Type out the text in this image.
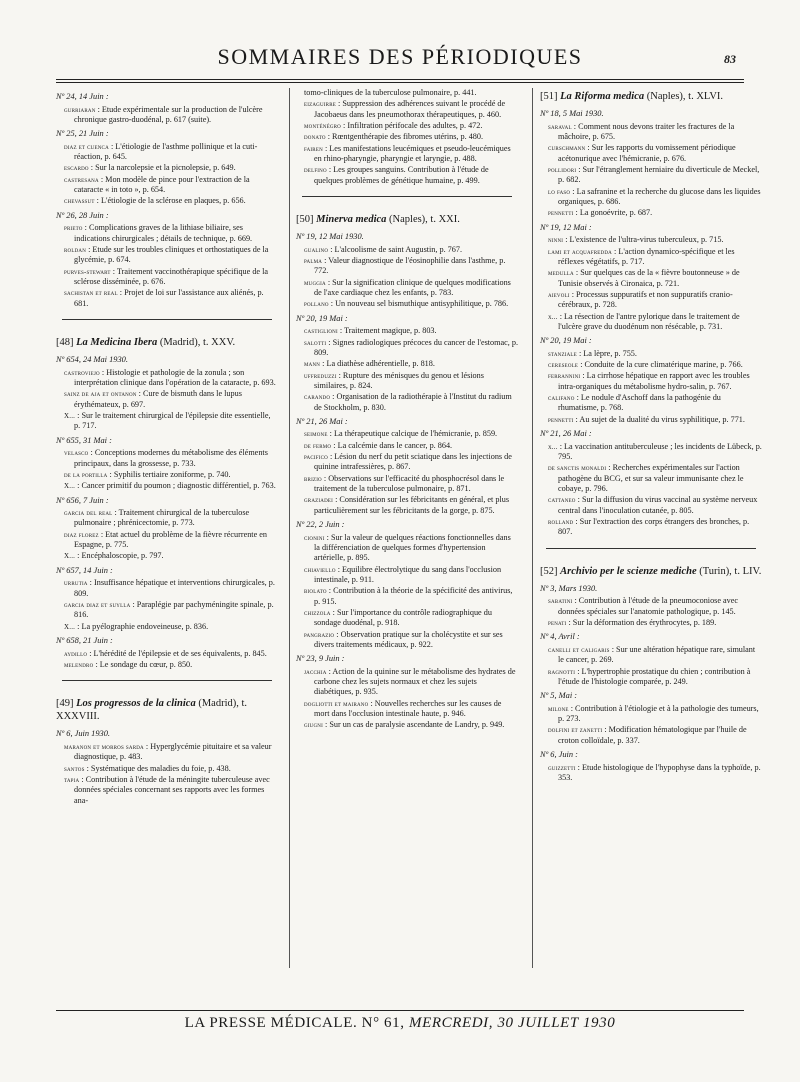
SOMMAIRES DES PÉRIODIQUES	83
Nº 24, 14 Juin :
gurriaran : Etude expérimentale sur la production de l'ulcère chronique gastro-duodénal, p. 617 (suite).
Nº 25, 21 Juin :
diaz et cuenca : L'étiologie de l'asthme pollinique et la cuti-réaction, p. 645.
escardo : Sur la narcolepsie et la picnolepsie, p. 649.
castresana : Mon modèle de pince pour l'extraction de la cataracte « in toto », p. 654.
chevassut : L'étiologie de la sclérose en plaques, p. 656.
Nº 26, 28 Juin :
prieto : Complications graves de la lithiase biliaire, ses indications chirurgicales ; détails de technique, p. 669.
roldan : Etude sur les troubles cliniques et orthostatiques de la glycémie, p. 674.
purves-stewart : Traitement vaccinothérapique spécifique de la sclérose disséminée, p. 676.
sachistan et real : Projet de loi sur l'assistance aux aliénés, p. 681.
[48] La Medicina Ibera (Madrid), t. XXV.
Nº 654, 24 Mai 1930.
castroviejo : Histologie et pathologie de la zonula ; son interprétation clinique dans l'opération de la cataracte, p. 693.
sainz de aja et ontanon : Cure de bismuth dans le lupus érythémateux, p. 697.
X... : Sur le traitement chirurgical de l'épilepsie dite essentielle, p. 717.
Nº 655, 31 Mai :
velasco : Conceptions modernes du métabolisme des éléments principaux, dans la grossesse, p. 733.
de la portilla : Syphilis tertiaire zoniforme, p. 740.
X... : Cancer primitif du poumon ; diagnostic différentiel, p. 763.
Nº 656, 7 Juin :
garcia del real : Traitement chirurgical de la tuberculose pulmonaire ; phrénicectomie, p. 773.
diaz florez : Etat actuel du problème de la fièvre récurrente en Espagne, p. 775.
X... : Encéphaloscopie, p. 797.
Nº 657, 14 Juin :
urrutia : Insuffisance hépatique et interventions chirurgicales, p. 809.
garcia diaz et suylla : Paraplégie par pachyméningite spinale, p. 816.
X... : La pyélographie endoveineuse, p. 836.
Nº 658, 21 Juin :
aydillo : L'hérédité de l'épilepsie et de ses équivalents, p. 845.
melendro : Le sondage du cœur, p. 850.
[49] Los progressos de la clinica (Madrid), t. XXXVIII.
Nº 6, Juin 1930.
maranon et morros sarda : Hyperglycémie pituitaire et sa valeur diagnostique, p. 483.
santos : Systématique des maladies du foie, p. 438.
tapia : Contribution à l'étude de la méningite tuberculeuse avec données spéciales concernant ses rapports avec les formes ana-
tomo-cliniques de la tuberculose pulmonaire, p. 441.
eizaguirre : Suppression des adhérences suivant le procédé de Jacobaeus dans les pneumothorax thérapeutiques, p. 460.
monténégro : Infiltration périfocale des adultes, p. 472.
donato : Rœntgenthérapie des fibromes utérins, p. 480.
fairen : Les manifestations leucémiques et pseudo-leucémiques en rhino-pharyngie, pharyngie et laryngie, p. 488.
delfino : Les groupes sanguins. Contribution à l'étude de quelques problèmes de génétique humaine, p. 499.
[50] Minerva medica (Naples), t. XXI.
Nº 19, 12 Mai 1930.
gualino : L'alcoolisme de saint Augustin, p. 767.
palma : Valeur diagnostique de l'éosinophilie dans l'asthme, p. 772.
muggia : Sur la signification clinique de quelques modifications de l'axe cardiaque chez les enfants, p. 783.
pollano : Un nouveau sel bismuthique antisyphilitique, p. 786.
Nº 20, 19 Mai :
castiglioni : Traitement magique, p. 803.
salotti : Signes radiologiques précoces du cancer de l'estomac, p. 809.
mann : La diathèse adhérentielle, p. 818.
uffreduzzi : Rupture des ménisques du genou et lésions similaires, p. 824.
carando : Organisation de la radiothérapie à l'Institut du radium de Stockholm, p. 830.
Nº 21, 26 Mai :
seimone : La thérapeutique calcique de l'hémicranie, p. 859.
de fermo : La calcémie dans le cancer, p. 864.
pacifico : Lésion du nerf du petit sciatique dans les injections de quinine intrafessières, p. 867.
brizio : Observations sur l'efficacité du phosphocrésol dans le traitement de la tuberculose pulmonaire, p. 871.
graziadei : Considération sur les fébricitants en général, et plus particulièrement sur les fébricitants de la gorge, p. 875.
Nº 22, 2 Juin :
cionini : Sur la valeur de quelques réactions fonctionnelles dans la différenciation de quelques formes d'hypertension artérielle, p. 895.
chiaviello : Equilibre électrolytique du sang dans l'occlusion intestinale, p. 911.
biolato : Contribution à la théorie de la spécificité des antivirus, p. 915.
chizzola : Sur l'importance du contrôle radiographique du sondage duodénal, p. 918.
pangrazio : Observation pratique sur la cholécystite et sur ses divers traitements médicaux, p. 922.
Nº 23, 9 Juin :
jacchia : Action de la quinine sur le métabolisme des hydrates de carbone chez les sujets normaux et chez les sujets diabétiques, p. 935.
dogliotti et mairano : Nouvelles recherches sur les causes de mort dans l'occlusion intestinale haute, p. 946.
giugni : Sur un cas de paralysie ascendante de Landry, p. 949.
[51] La Riforma medica (Naples), t. XLVI.
Nº 18, 5 Mai 1930.
saraval : Comment nous devons traiter les fractures de la mâchoire, p. 675.
curschmann : Sur les rapports du vomissement périodique acétonurique avec l'hémicranie, p. 676.
pollidori : Sur l'étranglement herniaire du diverticule de Meckel, p. 682.
lo faso : La safranine et la recherche du glucose dans les liquides organiques, p. 686.
pennetti : La gonoévrite, p. 687.
Nº 19, 12 Mai :
ninni : L'existence de l'ultra-virus tuberculeux, p. 715.
lami et acquafredda : L'action dynamico-spécifique et les réflexes végétatifs, p. 717.
medulla : Sur quelques cas de la « fièvre boutonneuse » de Tunisie observés à Cironaica, p. 721.
aievoli : Processus suppuratifs et non suppuratifs cranio-cérébraux, p. 728.
x... : La résection de l'antre pylorique dans le traitement de l'ulcère grave du duodénum non résécable, p. 731.
Nº 20, 19 Mai :
stanziale : La lèpre, p. 755.
cereseole : Conduite de la cure climatérique marine, p. 766.
ferrannini : La cirrhose hépatique en rapport avec les troubles intra-organiques du métabolisme hydro-salin, p. 767.
califano : Le nodule d'Aschoff dans la pathogénie du rhumatisme, p. 768.
pennetti : Au sujet de la dualité du virus syphilitique, p. 771.
Nº 21, 26 Mai :
x... : La vaccination antituberculeuse ; les incidents de Lübeck, p. 795.
de sanctis monaldi : Recherches expérimentales sur l'action pathogène du BCG, et sur sa valeur immunisante chez le cobaye, p. 796.
cattaneo : Sur la diffusion du virus vaccinal au système nerveux central dans l'inoculation cutanée, p. 805.
rolland : Sur l'extraction des corps étrangers des bronches, p. 807.
[52] Archivio per le scienze mediche (Turin), t. LIV.
Nº 3, Mars 1930.
sabatini : Contribution à l'étude de la pneumoconiose avec données spéciales sur l'anatomie pathologique, p. 145.
penati : Sur la déformation des érythrocytes, p. 189.
Nº 4, Avril :
canelli et caligaris : Sur une altération hépatique rare, simulant le cancer, p. 269.
ragnotti : L'hypertrophie prostatique du chien ; contribution à l'étude de l'histologie comparée, p. 249.
Nº 5, Mai :
milone : Contribution à l'étiologie et à la pathologie des tumeurs, p. 273.
dolfini et zanetti : Modification hématologique par l'huile de croton colloïdale, p. 337.
Nº 6, Juin :
guizzetti : Etude histologique de l'hypophyse dans la typhoïde, p. 353.
LA PRESSE MÉDICALE. N° 61, MERCREDI, 30 JUILLET 1930
